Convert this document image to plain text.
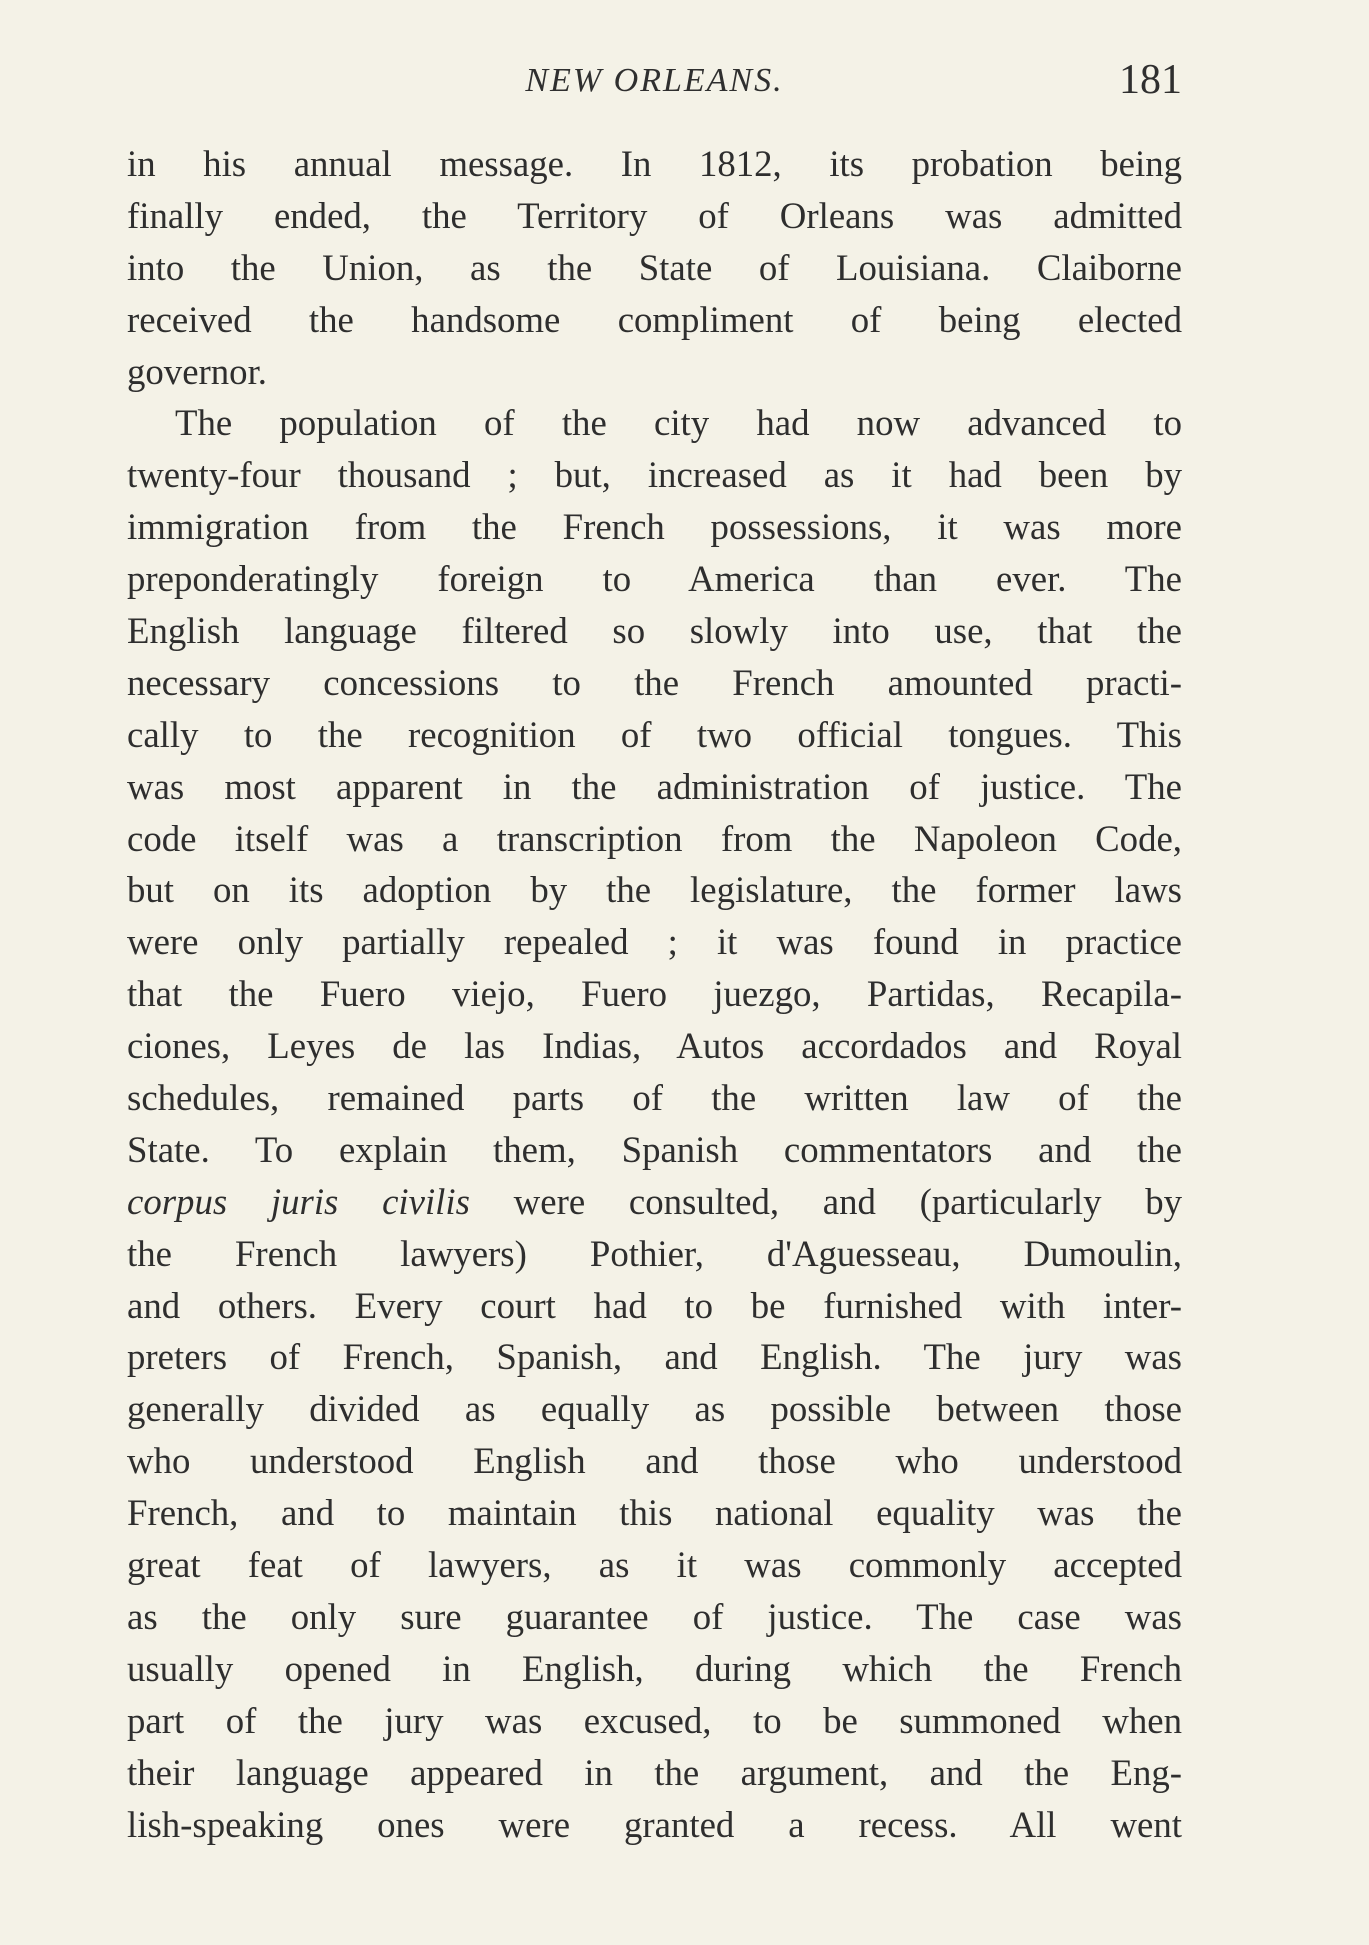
NEW ORLEANS.	181
in his annual message. In 1812, its probation being
finally ended, the Territory of Orleans was admitted
into the Union, as the State of Louisiana. Claiborne
received the handsome compliment of being elected
governor.
The population of the city had now advanced to
twenty-four thousand ; but, increased as it had been by
immigration from the French possessions, it was more
preponderatingly foreign to America than ever. The
English language filtered so slowly into use, that the
necessary concessions to the French amounted practi-
cally to the recognition of two official tongues. This
was most apparent in the administration of justice. The
code itself was a transcription from the Napoleon Code,
but on its adoption by the legislature, the former laws
were only partially repealed ; it was found in practice
that the Fuero viejo, Fuero juezgo, Partidas, Recapila-
ciones, Leyes de las Indias, Autos accordados and Royal
schedules, remained parts of the written law of the
State. To explain them, Spanish commentators and the
corpus juris civilis were consulted, and (particularly by
the French lawyers) Pothier, d'Aguesseau, Dumoulin,
and others. Every court had to be furnished with inter-
preters of French, Spanish, and English. The jury was
generally divided as equally as possible between those
who understood English and those who understood
French, and to maintain this national equality was the
great feat of lawyers, as it was commonly accepted
as the only sure guarantee of justice. The case was
usually opened in English, during which the French
part of the jury was excused, to be summoned when
their language appeared in the argument, and the Eng-
lish-speaking ones were granted a recess. All went
